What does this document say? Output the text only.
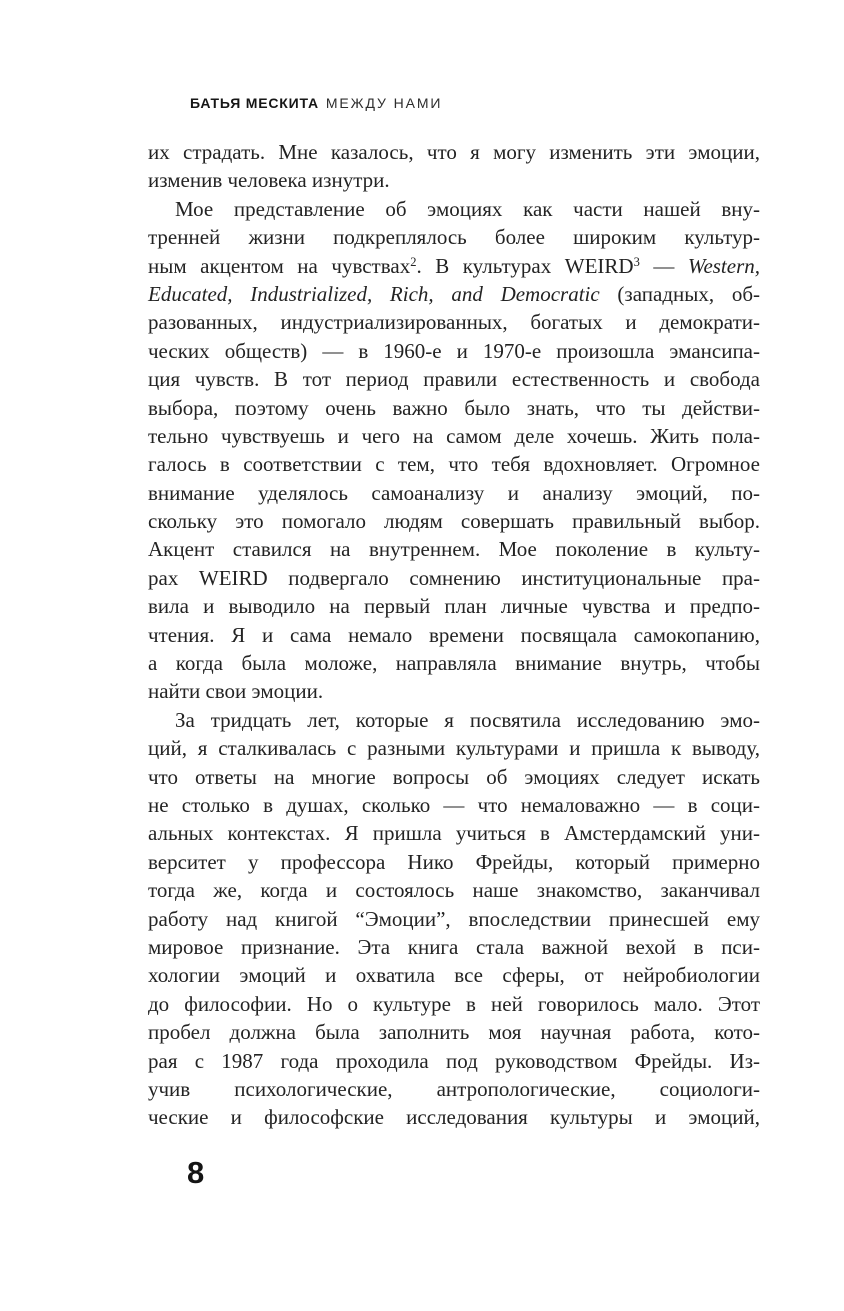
БАТЬЯ МЕСКИТА МЕЖДУ НАМИ
их страдать. Мне казалось, что я могу изменить эти эмоции,
изменив человека изнутри.
Мое представление об эмоциях как части нашей вну-
тренней жизни подкреплялось более широким культур-
ным акцентом на чувствах$^2$. В культурах WEIRD$^3$ — Western,
Educated, Industrialized, Rich, and Democratic (западных, об-
разованных, индустриализированных, богатых и демократи-
ческих обществ) — в 1960-е и 1970-е произошла эмансипа-
ция чувств. В тот период правили естественность и свобода
выбора, поэтому очень важно было знать, что ты действи-
тельно чувствуешь и чего на самом деле хочешь. Жить пола-
галось в соответствии с тем, что тебя вдохновляет. Огромное
внимание уделялось самоанализу и анализу эмоций, по-
скольку это помогало людям совершать правильный выбор.
Акцент ставился на внутреннем. Мое поколение в культу-
рах WEIRD подвергало сомнению институциональные пра-
вила и выводило на первый план личные чувства и предпо-
чтения. Я и сама немало времени посвящала самокопанию,
а когда была моложе, направляла внимание внутрь, чтобы
найти свои эмоции.
За тридцать лет, которые я посвятила исследованию эмо-
ций, я сталкивалась с разными культурами и пришла к выводу,
что ответы на многие вопросы об эмоциях следует искать
не столько в душах, сколько — что немаловажно — в соци-
альных контекстах. Я пришла учиться в Амстердамский уни-
верситет у профессора Нико Фрейды, который примерно
тогда же, когда и состоялось наше знакомство, заканчивал
работу над книгой “Эмоции”, впоследствии принесшей ему
мировое признание. Эта книга стала важной вехой в пси-
хологии эмоций и охватила все сферы, от нейробиологии
до философии. Но о культуре в ней говорилось мало. Этот
пробел должна была заполнить моя научная работа, кото-
рая с 1987 года проходила под руководством Фрейды. Из-
учив психологические, антропологические, социологи-
ческие и философские исследования культуры и эмоций,
8
